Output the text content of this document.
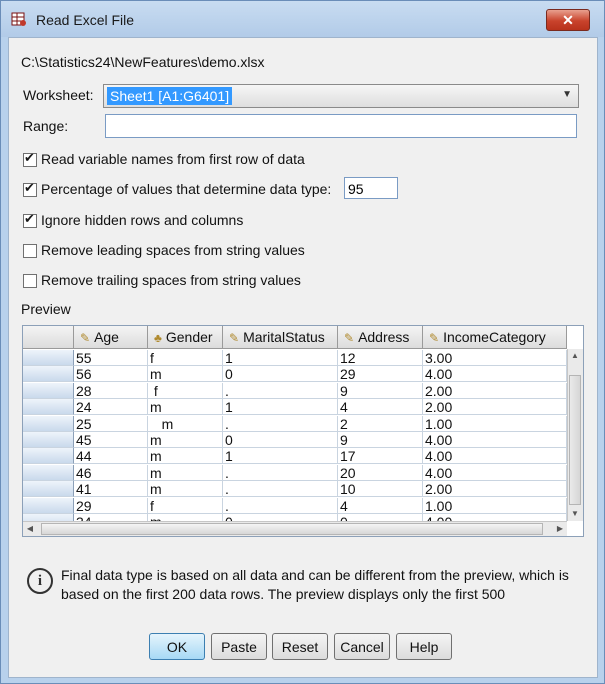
Read Excel File	✕
C:\Statistics24\NewFeatures\demo.xlsx
Worksheet: Sheet1 [A1:G6401]	▼
Range:
✔ Read variable names from first row of data
✔ Percentage of values that determine data type: 95
✔ Ignore hidden rows and columns
Remove leading spaces from string values
Remove trailing spaces from string values
Preview
✎ Age	♣ Gender	✎ MaritalStatus	✎ Address	✎ IncomeCategory
55	f	1	12	3.00
56	m	0	29	4.00
28	f	.	9	2.00
24	m	1	4	2.00
25	m	.	2	1.00
45	m	0	9	4.00
44	m	1	17	4.00
46	m	.	20	4.00
41	m	.	10	2.00
29	f	.	4	1.00
▲
▼
◀	▶
i	Final data type is based on all data and can be different from the preview, which is based on the first 200 data rows. The preview displays only the first 500
OK	Paste	Reset	Cancel	Help
